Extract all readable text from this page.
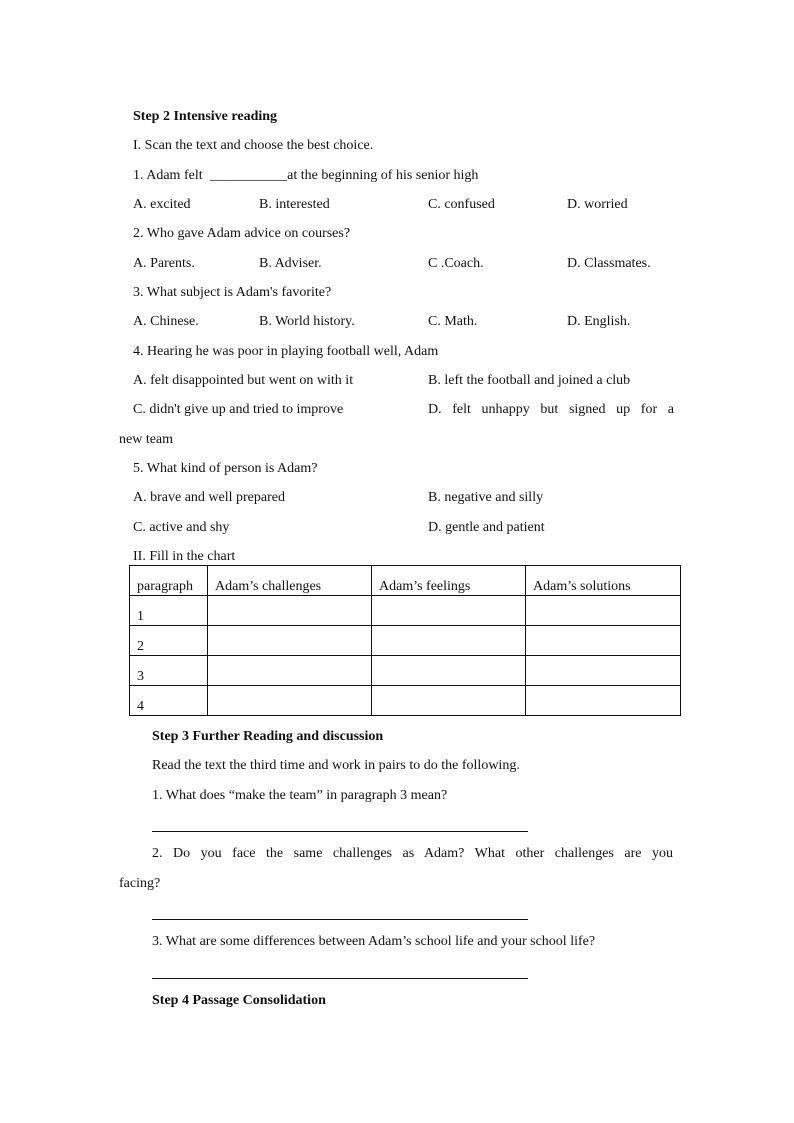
Step 2 Intensive reading
I. Scan the text and choose the best choice.
1. Adam felt ___________at the beginning of his senior high
A. excited	B. interested	C. confused	D. worried
2. Who gave Adam advice on courses?
A. Parents.	B. Adviser.	C .Coach.	D. Classmates.
3. What subject is Adam's favorite?
A. Chinese.	B. World history.	C. Math.	D. English.
4. Hearing he was poor in playing football well, Adam
A. felt disappointed but went on with it	B. left the football and joined a club
C. didn't give up and tried to improve	D. felt unhappy but signed up for a
new team
5. What kind of person is Adam?
A. brave and well prepared	B. negative and silly
C. active and shy	D. gentle and patient
II. Fill in the chart
paragraph	Adam’s challenges	Adam’s feelings	Adam’s solutions
1			
2			
3			
4			
Step 3 Further Reading and discussion
Read the text the third time and work in pairs to do the following.
1. What does “make the team” in paragraph 3 mean?
2. Do you face the same challenges as Adam? What other challenges are you
facing?
3. What are some differences between Adam’s school life and your school life?
Step 4 Passage Consolidation
